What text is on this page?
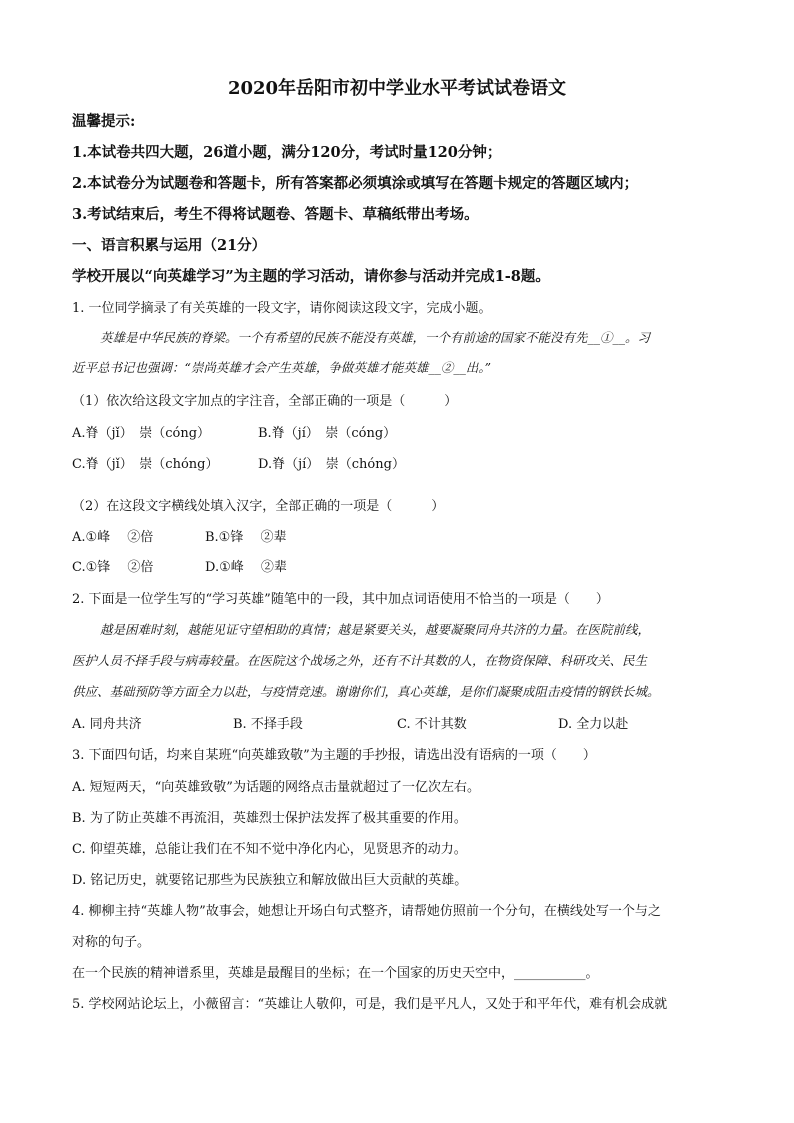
2020年岳阳市初中学业水平考试试卷语文
温馨提示:
1.本试卷共四大题，26道小题，满分120分，考试时量120分钟；
2.本试卷分为试题卷和答题卡，所有答案都必须填涂或填写在答题卡规定的答题区域内；
3.考试结束后，考生不得将试题卷、答题卡、草稿纸带出考场。
一、语言积累与运用（21分）
学校开展以“向英雄学习”为主题的学习活动，请你参与活动并完成1-8题。
1. 一位同学摘录了有关英雄的一段文字，请你阅读这段文字，完成小题。
英雄是中华民族的脊梁。一个有希望的民族不能没有英雄，一个有前途的国家不能没有先__①__。习
近平总书记也强调：“崇尚英雄才会产生英雄，争做英雄才能英雄__②__出。”
（1）依次给这段文字加点的字注音，全部正确的一项是（　　　）
A.脊（jǐ）　崇（cóng）	B.脊（jí）　崇（cóng）
C.脊（jǐ）　崇（chóng）	D.脊（jí）　崇（chóng）
（2）在这段文字横线处填入汉字，全部正确的一项是（　　　）
A.①峰　 ②倍	B.①锋　 ②辈
C.①锋　 ②倍	D.①峰　 ②辈
2. 下面是一位学生写的“学习英雄”随笔中的一段，其中加点词语使用不恰当的一项是（　　）
越是困难时刻，越能见证守望相助的真情；越是紧要关头，越要凝聚同舟共济的力量。在医院前线，
医护人员不择手段与病毒较量。在医院这个战场之外，还有不计其数的人，在物资保障、科研攻关、民生
供应、基础预防等方面全力以赴，与疫情竞速。谢谢你们，真心英雄，是你们凝聚成阻击疫情的钢铁长城。
A. 同舟共济	B. 不择手段	C. 不计其数	D. 全力以赴
3. 下面四句话，均来自某班“向英雄致敬”为主题的手抄报，请选出没有语病的一项（　　）
A. 短短两天，“向英雄致敬”为话题的网络点击量就超过了一亿次左右。
B. 为了防止英雄不再流泪，英雄烈士保护法发挥了极其重要的作用。
C. 仰望英雄，总能让我们在不知不觉中净化内心，见贤思齐的动力。
D. 铭记历史，就要铭记那些为民族独立和解放做出巨大贡献的英雄。
4. 柳柳主持“英雄人物”故事会，她想让开场白句式整齐，请帮她仿照前一个分句，在横线处写一个与之
对称的句子。
在一个民族的精神谱系里，英雄是最醒目的坐标；在一个国家的历史天空中，___________。
5. 学校网站论坛上，小薇留言：“英雄让人敬仰，可是，我们是平凡人，又处于和平年代，难有机会成就
